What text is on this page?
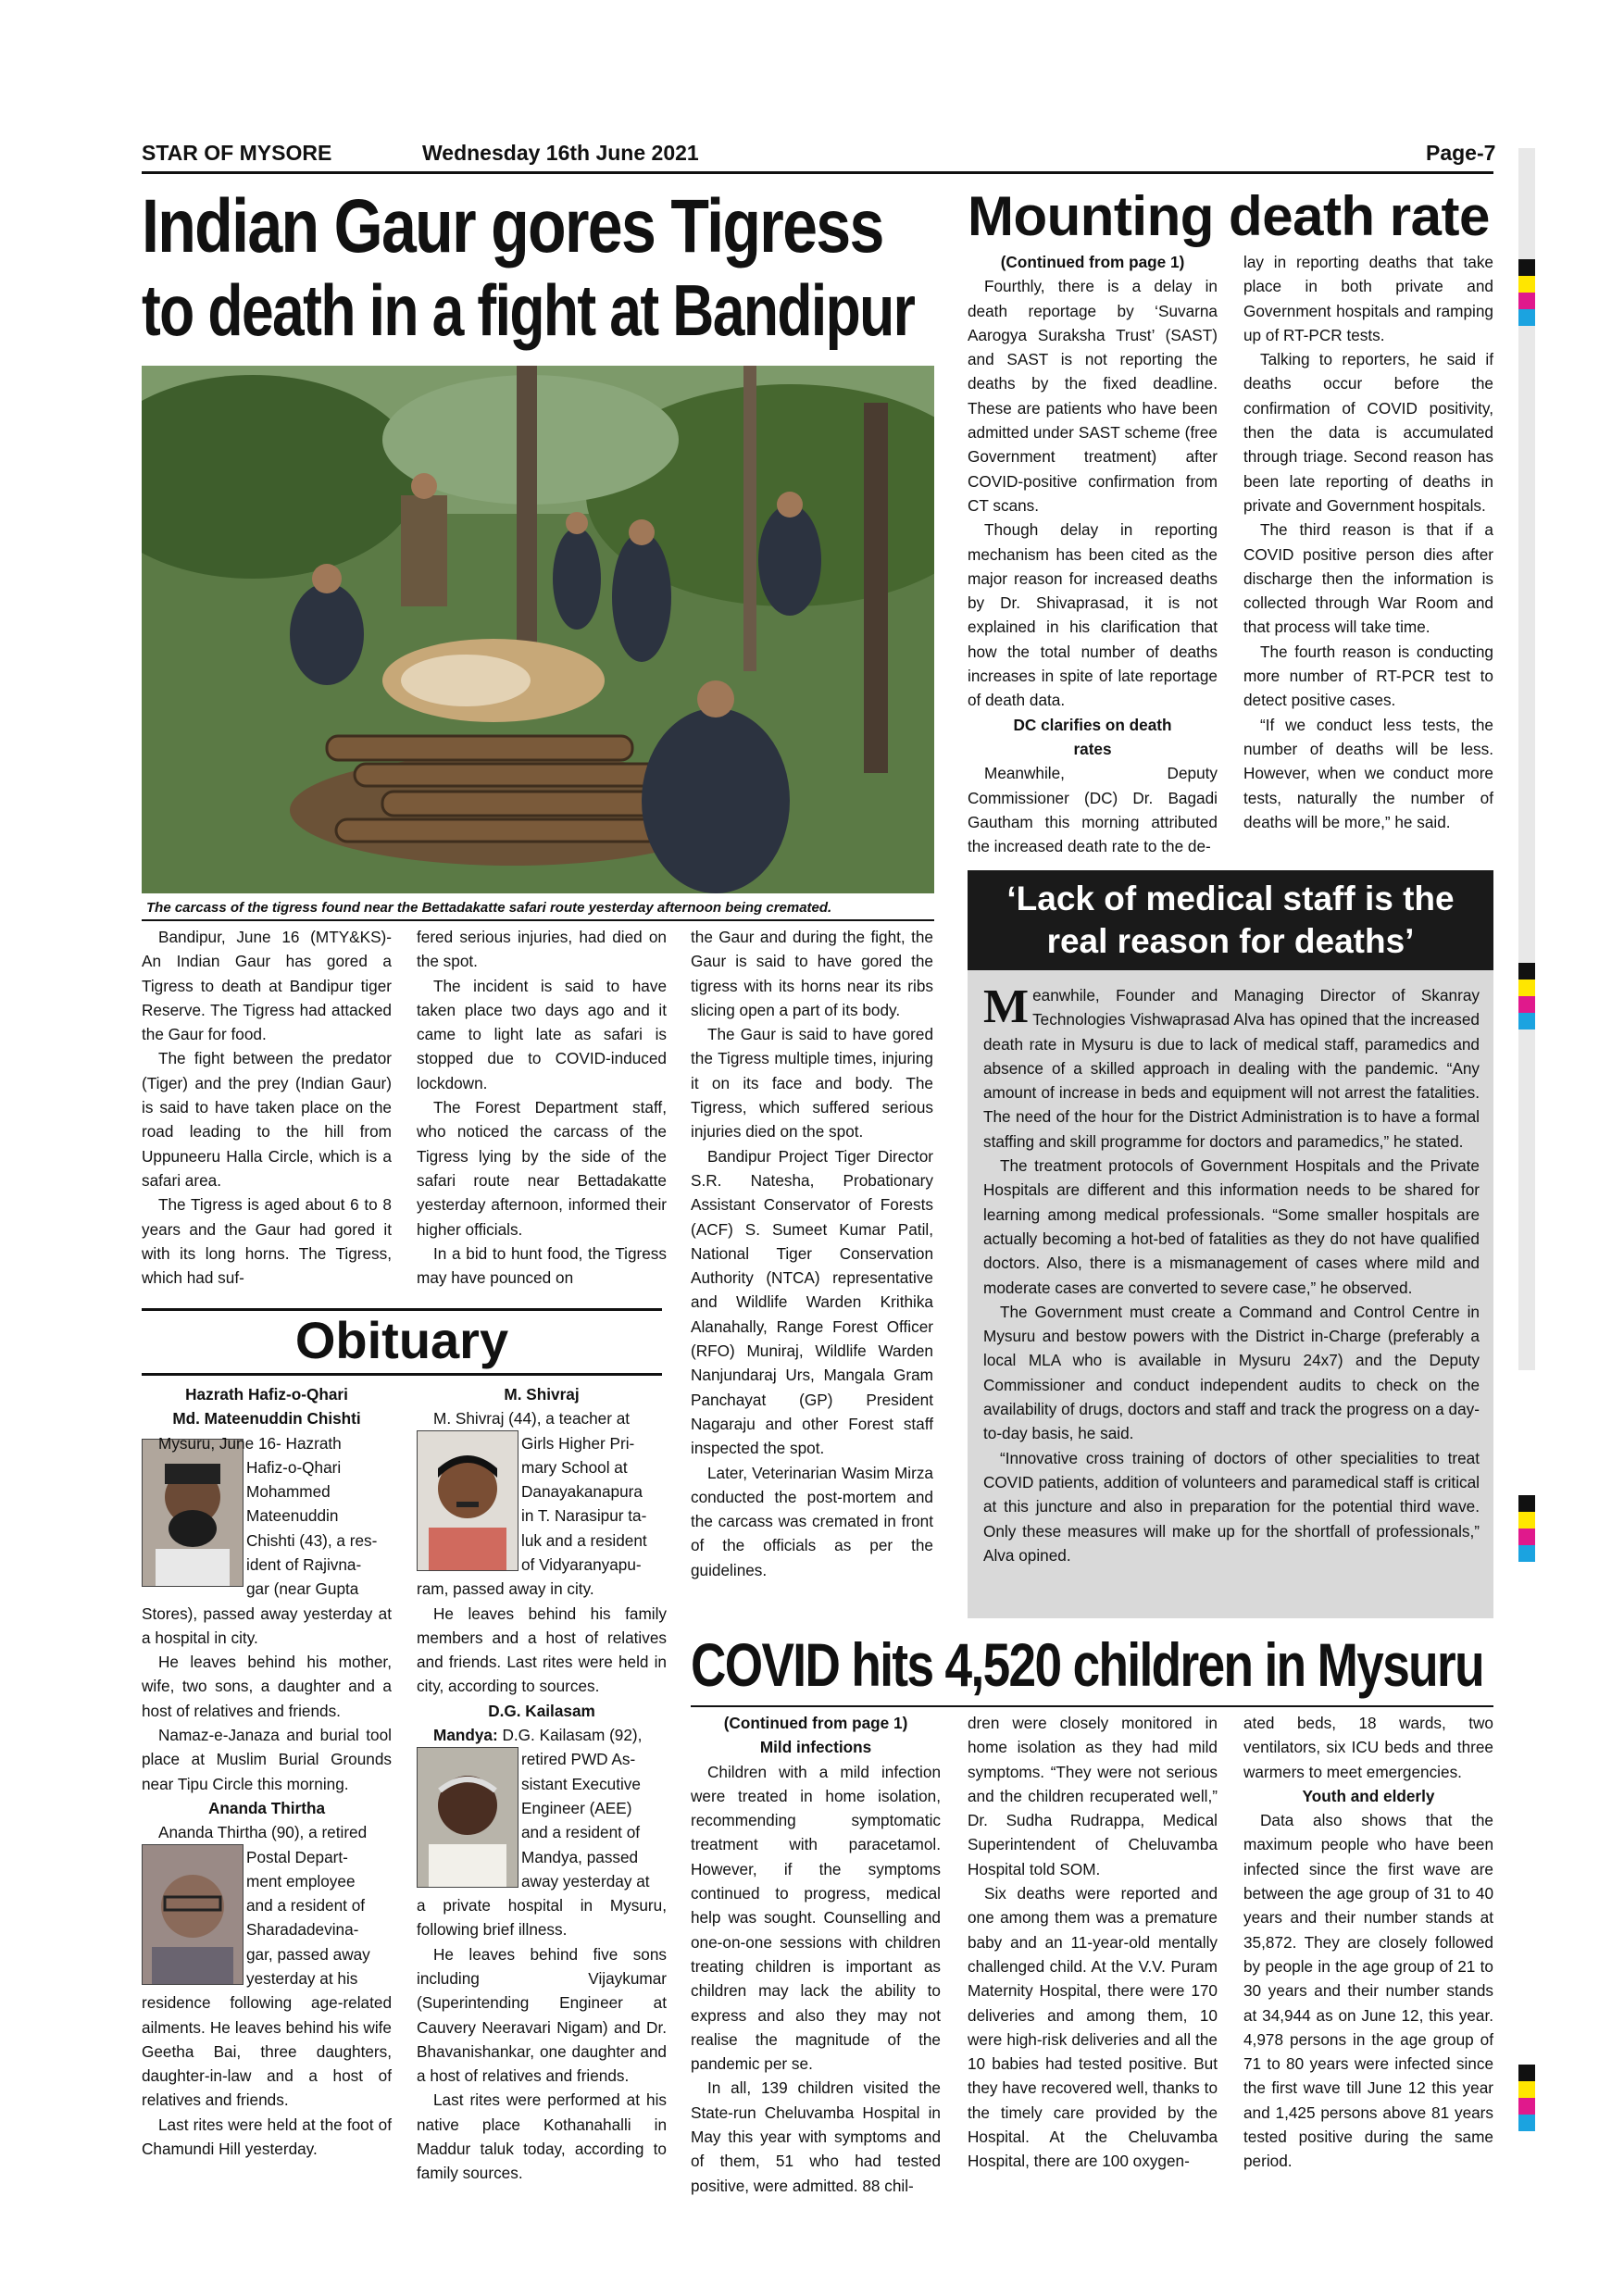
STAR OF MYSORE	Wednesday 16th June 2021	Page-7
Indian Gaur gores Tigress
to death in a fight at Bandipur
The carcass of the tigress found near the Bettadakatte safari route yesterday afternoon being cremated.

Bandipur, June 16 (MTY&KS)- An Indian Gaur has gored a Tigress to death at Bandipur tiger Reserve. The Tigress had attacked the Gaur for food.

The fight between the predator (Tiger) and the prey (Indian Gaur) is said to have taken place on the road leading to the hill from Uppuneeru Halla Circle, which is a safari area.

The Tigress is aged about 6 to 8 years and the Gaur had gored it with its long horns. The Tigress, which had suf-

fered serious injuries, had died on the spot.

The incident is said to have taken place two days ago and it came to light late as safari is stopped due to COVID-induced lockdown.

The Forest Department staff, who noticed the carcass of the Tigress lying by the side of the safari route near Bettadakatte yesterday afternoon, informed their higher officials.

In a bid to hunt food, the Tigress may have pounced on

the Gaur and during the fight, the Gaur is said to have gored the tigress with its horns near its ribs slicing open a part of its body.

The Gaur is said to have gored the Tigress multiple times, injuring it on its face and body. The Tigress, which suffered serious injuries died on the spot.

Bandipur Project Tiger Director S.R. Natesha, Probationary Assistant Conservator of Forests (ACF) S. Sumeet Kumar Patil, National Tiger Conservation Authority (NTCA) representative and Wildlife Warden Krithika Alanahally, Range Forest Officer (RFO) Muniraj, Wildlife Warden Nanjundaraj Urs, Mangala Gram Panchayat (GP) President Nagaraju and other Forest staff inspected the spot.

Later, Veterinarian Wasim Mirza conducted the post-mortem and the carcass was cremated in front of the officials as per the guidelines.

Mounting death rate

(Continued from page 1)

Fourthly, there is a delay in death reportage by ‘Suvarna Aarogya Suraksha Trust’ (SAST) and SAST is not reporting the deaths by the fixed deadline. These are patients who have been admitted under SAST scheme (free Government treatment) after COVID-positive confirmation from CT scans.

Though delay in reporting mechanism has been cited as the major reason for increased deaths by Dr. Shivaprasad, it is not explained in his clarification that how the total number of deaths increases in spite of late reportage of death data.

DC clarifies on death rates

Meanwhile, Deputy Commissioner (DC) Dr. Bagadi Gautham this morning attributed the increased death rate to the de-

lay in reporting deaths that take place in both private and Government hospitals and ramping up of RT-PCR tests.

Talking to reporters, he said if deaths occur before the confirmation of COVID positivity, then the data is accumulated through triage. Second reason has been late reporting of deaths in private and Government hospitals.

The third reason is that if a COVID positive person dies after discharge then the information is collected through War Room and that process will take time.

The fourth reason is conducting more number of RT-PCR test to detect positive cases.

“If we conduct less tests, the number of deaths will be less. However, when we conduct more tests, naturally the number of deaths will be more,” he said.

‘Lack of medical staff is the
real reason for deaths’

Meanwhile, Founder and Managing Director of Skanray Technologies Vishwaprasad Alva has opined that the increased death rate in Mysuru is due to lack of medical staff, paramedics and absence of a skilled approach in dealing with the pandemic. “Any amount of increase in beds and equipment will not arrest the fatalities. The need of the hour for the District Administration is to have a formal staffing and skill programme for doctors and paramedics,” he stated.

The treatment protocols of Government Hospitals and the Private Hospitals are different and this information needs to be shared for learning among medical professionals. “Some smaller hospitals are actually becoming a hot-bed of fatalities as they do not have qualified doctors. Also, there is a mismanagement of cases where mild and moderate cases are converted to severe case,” he observed.

The Government must create a Command and Control Centre in Mysuru and bestow powers with the District in-Charge (preferably a local MLA who is available in Mysuru 24x7) and the Deputy Commissioner and conduct independent audits to check on the availability of drugs, doctors and staff and track the progress on a day-to-day basis, he said.

“Innovative cross training of doctors of other specialities to treat COVID patients, addition of volunteers and paramedical staff is critical at this juncture and also in preparation for the potential third wave. Only these measures will make up for the shortfall of professionals,” Alva opined.

Obituary

Hazrath Hafiz-o-Qhari

Md. Mateenuddin Chishti

Mysuru, June 16- Hazrath
Hafiz-o-Qhari
Mohammed
Mateenuddin
Chishti (43), a res-
ident of Rajivna-
gar (near Gupta

Stores), passed away yesterday at a hospital in city.

He leaves behind his mother, wife, two sons, a daughter and a host of relatives and friends.

Namaz-e-Janaza and burial tool place at Muslim Burial Grounds near Tipu Circle this morning.

Ananda Thirtha

Ananda Thirtha (90), a retired
Postal Depart-
ment employee
and a resident of
Sharadadevina-
gar, passed away
yesterday at his

residence following age-related ailments. He leaves behind his wife Geetha Bai, three daughters, daughter-in-law and a host of relatives and friends.

Last rites were held at the foot of Chamundi Hill yesterday.

M. Shivraj

M. Shivraj (44), a teacher at
Girls Higher Pri-
mary School at
Danayakanapura
in T. Narasipur ta-
luk and a resident
of Vidyaranyapu-

ram, passed away in city.

He leaves behind his family members and a host of relatives and friends. Last rites were held in city, according to sources.

D.G. Kailasam

Mandya: D.G. Kailasam (92),
retired PWD As-
sistant Executive
Engineer (AEE)
and a resident of
Mandya, passed
away yesterday at

a private hospital in Mysuru, following brief illness.

He leaves behind five sons including Vijaykumar (Superintending Engineer at Cauvery Neeravari Nigam) and Dr. Bhavanishankar, one daughter and a host of relatives and friends.

Last rites were performed at his native place Kothanahalli in Maddur taluk today, according to family sources.

COVID hits 4,520 children in Mysuru

(Continued from page 1)

Mild infections

Children with a mild infection were treated in home isolation, recommending symptomatic treatment with paracetamol. However, if the symptoms continued to progress, medical help was sought. Counselling and one-on-one sessions with children treating children is important as children may lack the ability to express and also they may not realise the magnitude of the pandemic per se.

In all, 139 children visited the State-run Cheluvamba Hospital in May this year with symptoms and of them, 51 who had tested positive, were admitted. 88 chil-

dren were closely monitored in home isolation as they had mild symptoms. “They were not serious and the children recuperated well,” Dr. Sudha Rudrappa, Medical Superintendent of Cheluvamba Hospital told SOM.

Six deaths were reported and one among them was a premature baby and an 11-year-old mentally challenged child. At the V.V. Puram Maternity Hospital, there were 170 deliveries and among them, 10 were high-risk deliveries and all the 10 babies had tested positive. But they have recovered well, thanks to the timely care provided by the Hospital. At the Cheluvamba Hospital, there are 100 oxygen-

ated beds, 18 wards, two ventilators, six ICU beds and three warmers to meet emergencies.

Youth and elderly

Data also shows that the maximum people who have been infected since the first wave are between the age group of 31 to 40 years and their number stands at 35,872. They are closely followed by people in the age group of 21 to 30 years and their number stands at 34,944 as on June 12, this year. 4,978 persons in the age group of 71 to 80 years were infected since the first wave till June 12 this year and 1,425 persons above 81 years tested positive during the same period.
